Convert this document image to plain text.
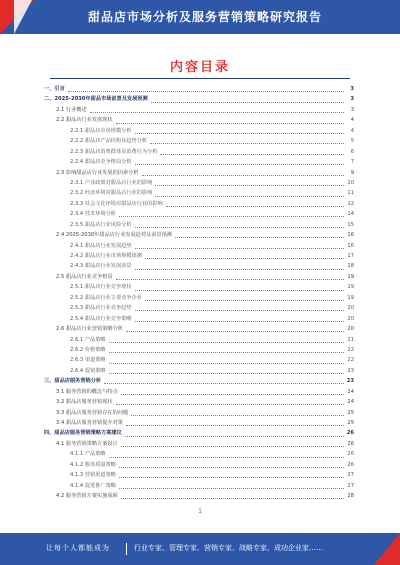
甜品店市场分析及服务营销策略研究报告
内容目录
一、引言	3
二、2025-2030年甜品市场前景及发展预测	3
2.1 行业概述	3
2.2 甜品店行业发展现状	4
2.2.1 甜品店市场规模分析	4
2.2.2 甜品店产品结构及趋势分析	5
2.2.3 甜品店消费群体及消费行为分析	6
2.2.4 甜品店竞争格局分析	7
2.3 影响甜品店行业发展的因素分析	9
2.3.1 产业政策对甜品店行业的影响	10
2.3.2 经济环境对甜品店行业的影响	11
2.3.3 社会文化环境对甜品店行业的影响	12
2.3.4 技术环境分析	14
2.3.5 甜品店行业风险分析	15
2.4 2025-2030年甜品店行业发展趋势及前景预测	16
2.4.1 甜品店行业发展趋势	16
2.4.2 甜品店行业市场规模预测	17
2.4.3 甜品店行业发展前景	18
2.5 甜品店行业竞争格局	19
2.5.1 甜品店行业竞争现状	19
2.5.2 甜品店行业主要竞争企业	19
2.5.3 甜品店行业竞争趋势	20
2.5.4 甜品店行业竞争策略	20
2.6 甜品店行业营销策略分析	20
2.6.1 产品策略	21
2.6.2 价格策略	22
2.6.3 渠道策略	22
2.6.4 促销策略	23
三、甜品店服务营销分析	23
3.1 服务营销的概念与特点	24
3.2 甜品店服务营销现状	24
3.3 甜品店服务营销存在的问题	25
3.4 甜品店服务营销提升对策	25
四、甜品店服务营销策略方案建议	26
4.1 服务营销策略方案设计	26
4.1.1 产品策略	26
4.1.2 服务质量策略	26
4.1.3 营销渠道策略	27
4.1.4 促进推广策略	27
4.2 服务营销方案实施保障	28
1
让每个人都能成为	行业专家、管理专家、营销专家、战略专家、成功企业家……
